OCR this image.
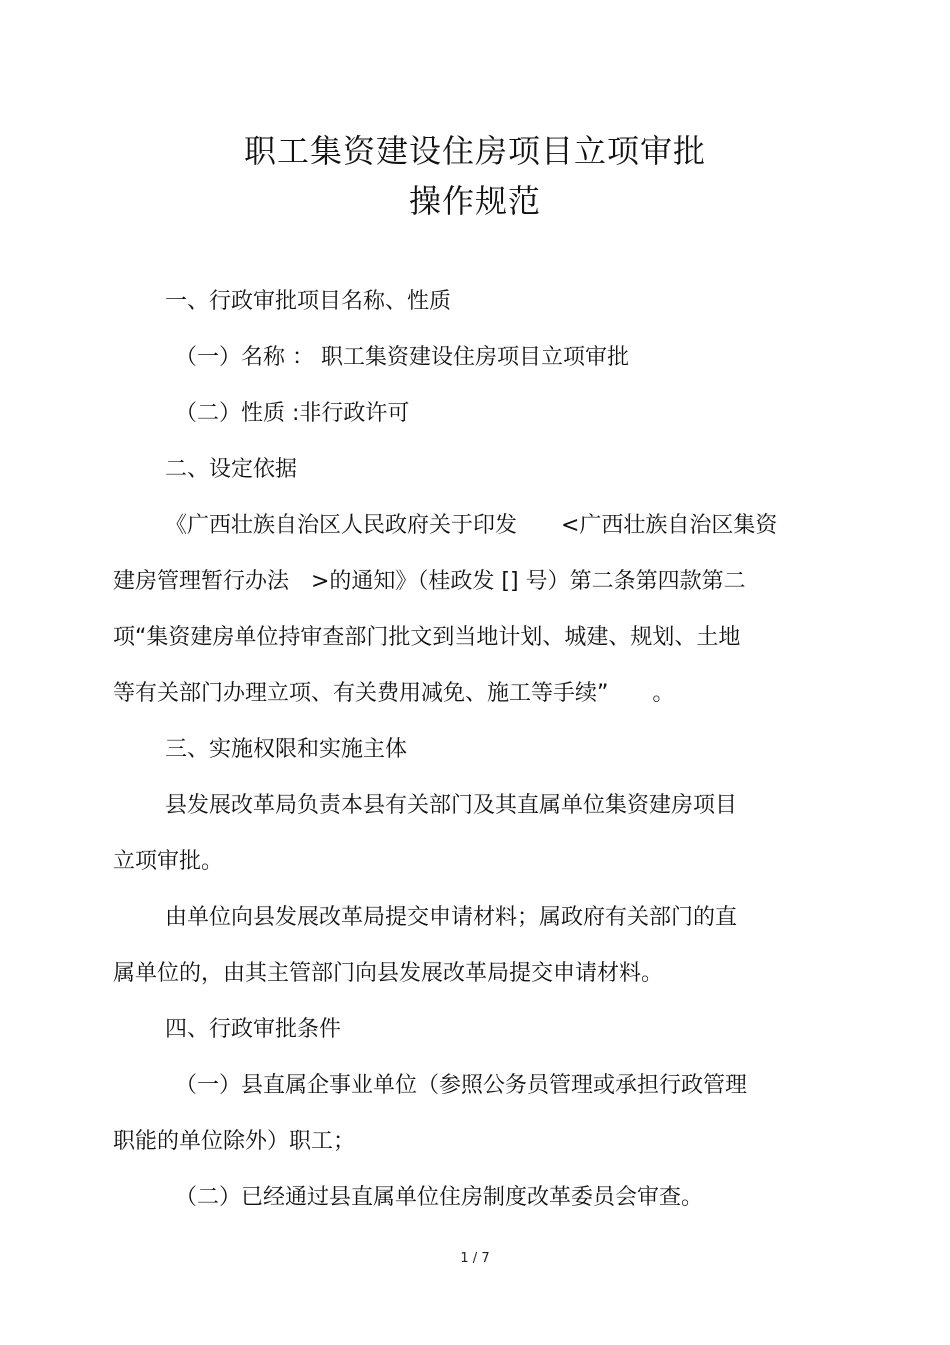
职工集资建设住房项目立项审批
操作规范
一、行政审批项目名称、性质
（一）名称 ： 职工集资建设住房项目立项审批
（二）性质 :非行政许可
二、设定依据
《广西壮族自治区人民政府关于印发　　<广西壮族自治区集资
建房管理暂行办法　>的通知》（桂政发 [] 号）第二条第四款第二
项“集资建房单位持审查部门批文到当地计划、城建、规划、土地
等有关部门办理立项、有关费用减免、施工等手续”　　。
三、实施权限和实施主体
县发展改革局负责本县有关部门及其直属单位集资建房项目
立项审批。
由单位向县发展改革局提交申请材料；属政府有关部门的直
属单位的，由其主管部门向县发展改革局提交申请材料。
四、行政审批条件
（一）县直属企事业单位（参照公务员管理或承担行政管理
职能的单位除外）职工；
（二）已经通过县直属单位住房制度改革委员会审查。
1 / 7
